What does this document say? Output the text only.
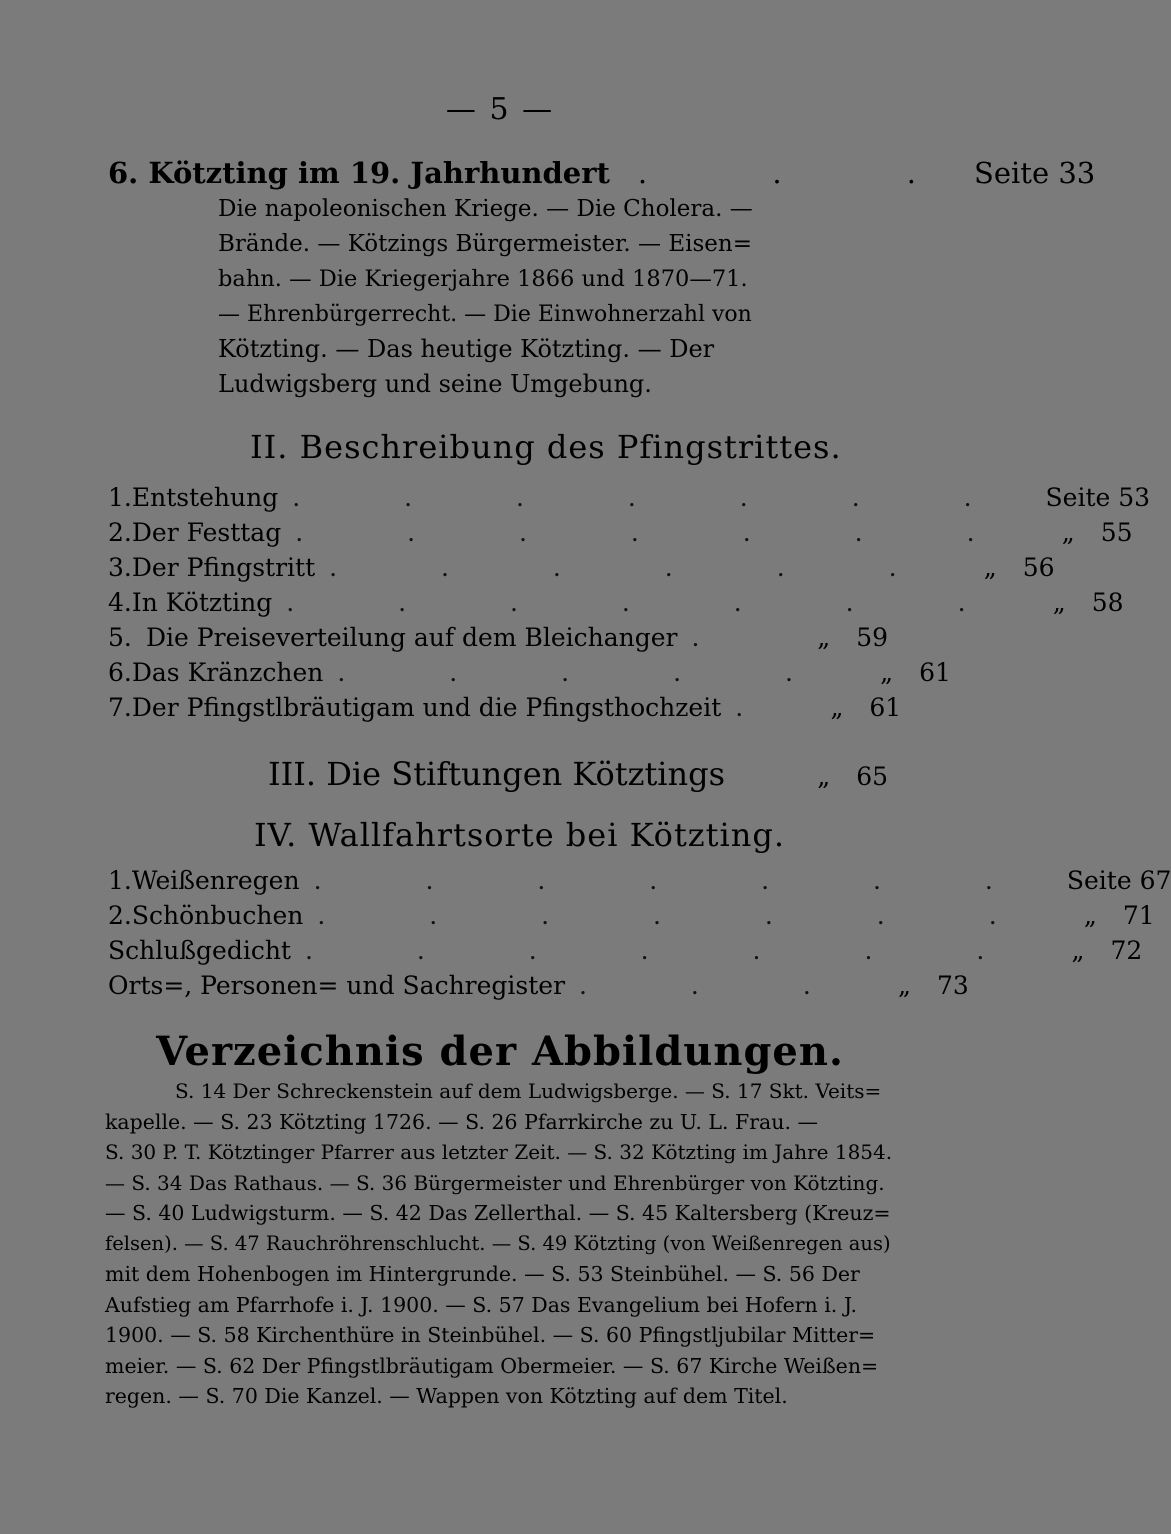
— 5 —
6. Kötzting im 19. Jahrhundert . . . Seite 33
Die napoleonischen Kriege. — Die Cholera. —
Brände. — Kötzings Bürgermeister. — Eisen=
bahn. — Die Kriegerjahre 1866 und 1870—71.
— Ehrenbürgerrecht. — Die Einwohnerzahl von
Kötzting. — Das heutige Kötzting. — Der
Ludwigsberg und seine Umgebung.
II. Beschreibung des Pfingstrittes.
1. Entstehung . . . . . . .	Seite 53
2. Der Festtag . . . . . . .	„ 55
3. Der Pfingstritt . . . . . .	„ 56
4. In Kötzting . . . . . . .	„ 58
5. Die Preiseverteilung auf dem Bleichanger .	„ 59
6. Das Kränzchen . . . . .	„ 61
7. Der Pfingstlbräutigam und die Pfingsthochzeit .	„ 61
III. Die Stiftungen Kötztings	„ 65
IV. Wallfahrtsorte bei Kötzting.
1. Weißenregen . . . . . . .	Seite 67
2. Schönbuchen . . . . . . .	„ 71
Schlußgedicht . . . . . . .	„ 72
Orts=, Personen= und Sachregister . . .	„ 73
Verzeichnis der Abbildungen.
S. 14 Der Schreckenstein auf dem Ludwigsberge. — S. 17 Skt. Veits=
kapelle. — S. 23 Kötzting 1726. — S. 26 Pfarrkirche zu U. L. Frau. —
S. 30 P. T. Kötztinger Pfarrer aus letzter Zeit. — S. 32 Kötzting im Jahre 1854.
— S. 34 Das Rathaus. — S. 36 Bürgermeister und Ehrenbürger von Kötzting.
— S. 40 Ludwigsturm. — S. 42 Das Zellerthal. — S. 45 Kaltersberg (Kreuz=
felsen). — S. 47 Rauchröhrenschlucht. — S. 49 Kötzting (von Weißenregen aus)
mit dem Hohenbogen im Hintergrunde. — S. 53 Steinbühel. — S. 56 Der
Aufstieg am Pfarrhofe i. J. 1900. — S. 57 Das Evangelium bei Hofern i. J.
1900. — S. 58 Kirchenthüre in Steinbühel. — S. 60 Pfingstljubilar Mitter=
meier. — S. 62 Der Pfingstlbräutigam Obermeier. — S. 67 Kirche Weißen=
regen. — S. 70 Die Kanzel. — Wappen von Kötzting auf dem Titel.
